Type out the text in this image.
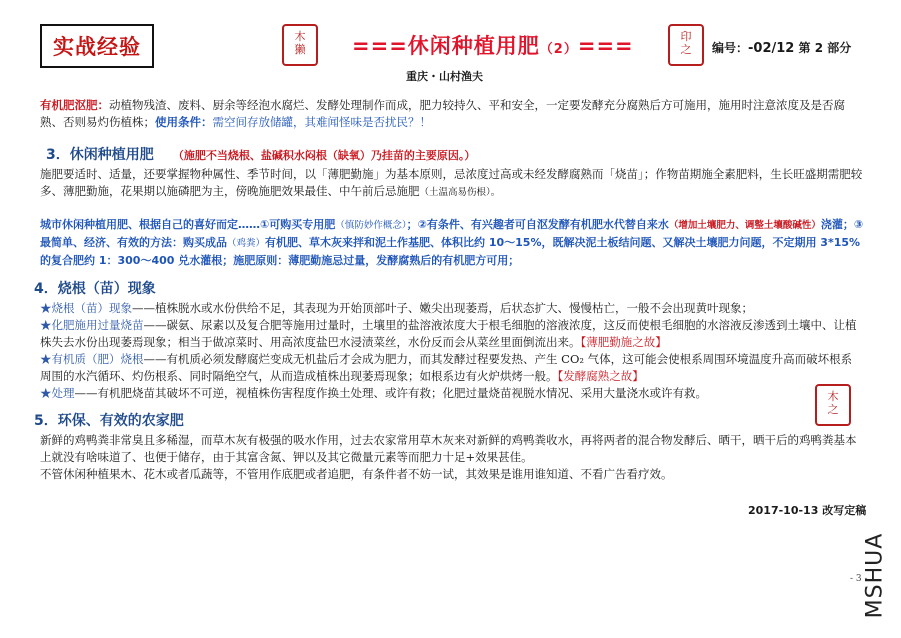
实战经验	木
獭	===休闲种植用肥（2）===	印
之	编号：-02/12 第 2 部分
重庆・山村渔夫
有机肥沤肥：动植物残渣、废料、厨余等经泡水腐烂、发酵处理制作而成，肥力较持久、平和安全，一定要发酵充分腐熟后方可施用，施用时注意浓度及是否腐熟、否则易灼伤植株；使用条件：需空间存放储罐，其难闻怪味是否扰民？！
3．休闲种植用肥 （施肥不当烧根、盐碱积水闷根（缺氧）乃挂苗的主要原因。）
施肥要适时、适量，还要掌握物种属性、季节时间，以「薄肥勤施」为基本原则，忌浓度过高或未经发酵腐熟而「烧苗」；作物苗期施全素肥料，生长旺盛期需肥较多、薄肥勤施，花果期以施磷肥为主，傍晚施肥效果最佳、中午前后忌施肥（土温高易伤根）。
城市休闲种植用肥、根据自己的喜好而定……①可购买专用肥（慎防妙作概念）；②有条件、有兴趣者可自沤发酵有机肥水代替自来水（增加土壤肥力、调整土壤酸碱性）浇灌；③最简单、经济、有效的方法：购买成品（鸡粪）有机肥、草木灰来拌和泥土作基肥、体积比约 10～15%，既解决泥土板结问题、又解决土壤肥力问题，不定期用 3*15%的复合肥约 1：300～400 兑水灌根；施肥原则：薄肥勤施忌过量，发酵腐熟后的有机肥方可用；
4．烧根（苗）现象
★烧根（苗）现象——植株脱水或水份供给不足，其表现为开始顶部叶子、嫩尖出现萎焉，后状态扩大、慢慢枯亡，一般不会出现黄叶现象；
★化肥施用过量烧苗——碳氨、尿素以及复合肥等施用过量时，土壤里的盐溶液浓度大于根毛细胞的溶液浓度，这反而使根毛细胞的水溶液反渗透到土壤中、让植株失去水份出现萎焉现象；相当于做凉菜时、用高浓度盐巴水浸渍菜丝，水份反而会从菜丝里面倒流出来。【薄肥勤施之故】
★有机质（肥）烧根——有机质必须发酵腐烂变成无机盐后才会成为肥力，而其发酵过程要发热、产生 CO₂ 气体，这可能会使根系周围环境温度升高而破坏根系周围的水汽循环、灼伤根系、同时隔绝空气，从而造成植株出现萎焉现象；如根系边有火炉烘烤一般。【发酵腐熟之故】
★处理——有机肥烧苗其破坏不可逆，视植株伤害程度作换土处理、或许有救；化肥过量烧苗视脱水情况、采用大量浇水或许有救。	木
之
5．环保、有效的农家肥
新鲜的鸡鸭粪非常臭且多稀湿，而草木灰有极强的吸水作用，过去农家常用草木灰来对新鲜的鸡鸭粪收水，再将两者的混合物发酵后、晒干，晒干后的鸡鸭粪基本上就没有啥味道了、也便于储存，由于其富含氮、钾以及其它微量元素等而肥力十足+效果甚佳。
不管休闲种植果木、花木或者瓜蔬等，不管用作底肥或者追肥，有条件者不妨一试，其效果是谁用谁知道、不看广告看疗效。
2017-10-13 改写定稿
- 3 -
MSHUA
